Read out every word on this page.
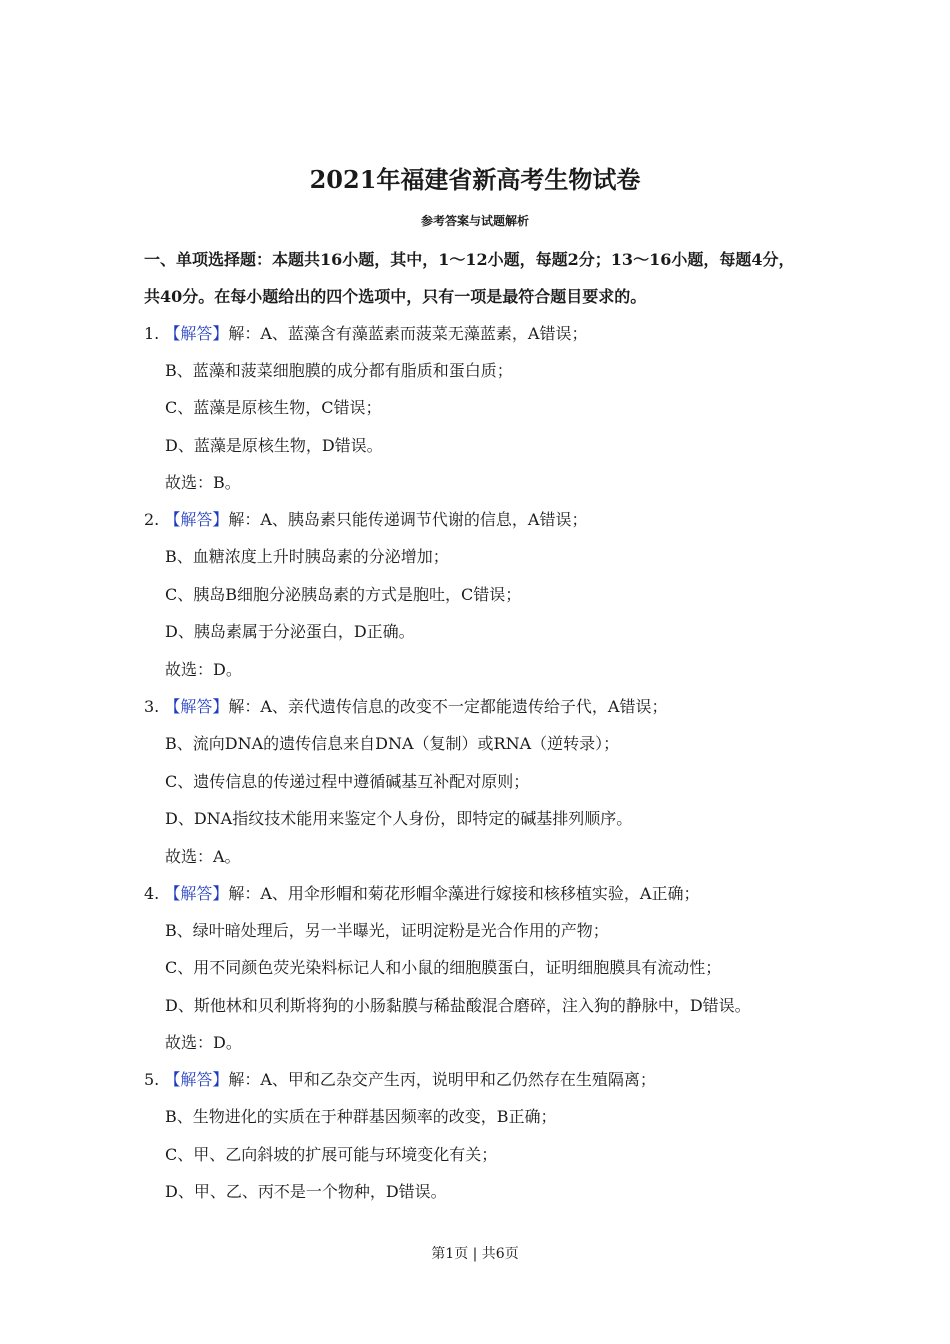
2021年福建省新高考生物试卷
参考答案与试题解析
一、单项选择题：本题共16小题，其中，1～12小题，每题2分；13～16小题，每题4分，
共40分。在每小题给出的四个选项中，只有一项是最符合题目要求的。
1. 【解答】解：A、蓝藻含有藻蓝素而菠菜无藻蓝素，A错误；
B、蓝藻和菠菜细胞膜的成分都有脂质和蛋白质；
C、蓝藻是原核生物，C错误；
D、蓝藻是原核生物，D错误。
故选：B。
2. 【解答】解：A、胰岛素只能传递调节代谢的信息，A错误；
B、血糖浓度上升时胰岛素的分泌增加；
C、胰岛B细胞分泌胰岛素的方式是胞吐，C错误；
D、胰岛素属于分泌蛋白，D正确。
故选：D。
3. 【解答】解：A、亲代遗传信息的改变不一定都能遗传给子代，A错误；
B、流向DNA的遗传信息来自DNA（复制）或RNA（逆转录）；
C、遗传信息的传递过程中遵循碱基互补配对原则；
D、DNA指纹技术能用来鉴定个人身份，即特定的碱基排列顺序。
故选：A。
4. 【解答】解：A、用伞形帽和菊花形帽伞藻进行嫁接和核移植实验，A正确；
B、绿叶暗处理后，另一半曝光，证明淀粉是光合作用的产物；
C、用不同颜色荧光染料标记人和小鼠的细胞膜蛋白，证明细胞膜具有流动性；
D、斯他林和贝利斯将狗的小肠黏膜与稀盐酸混合磨碎，注入狗的静脉中，D错误。
故选：D。
5. 【解答】解：A、甲和乙杂交产生丙，说明甲和乙仍然存在生殖隔离；
B、生物进化的实质在于种群基因频率的改变，B正确；
C、甲、乙向斜坡的扩展可能与环境变化有关；
D、甲、乙、丙不是一个物种，D错误。
第1页 | 共6页
